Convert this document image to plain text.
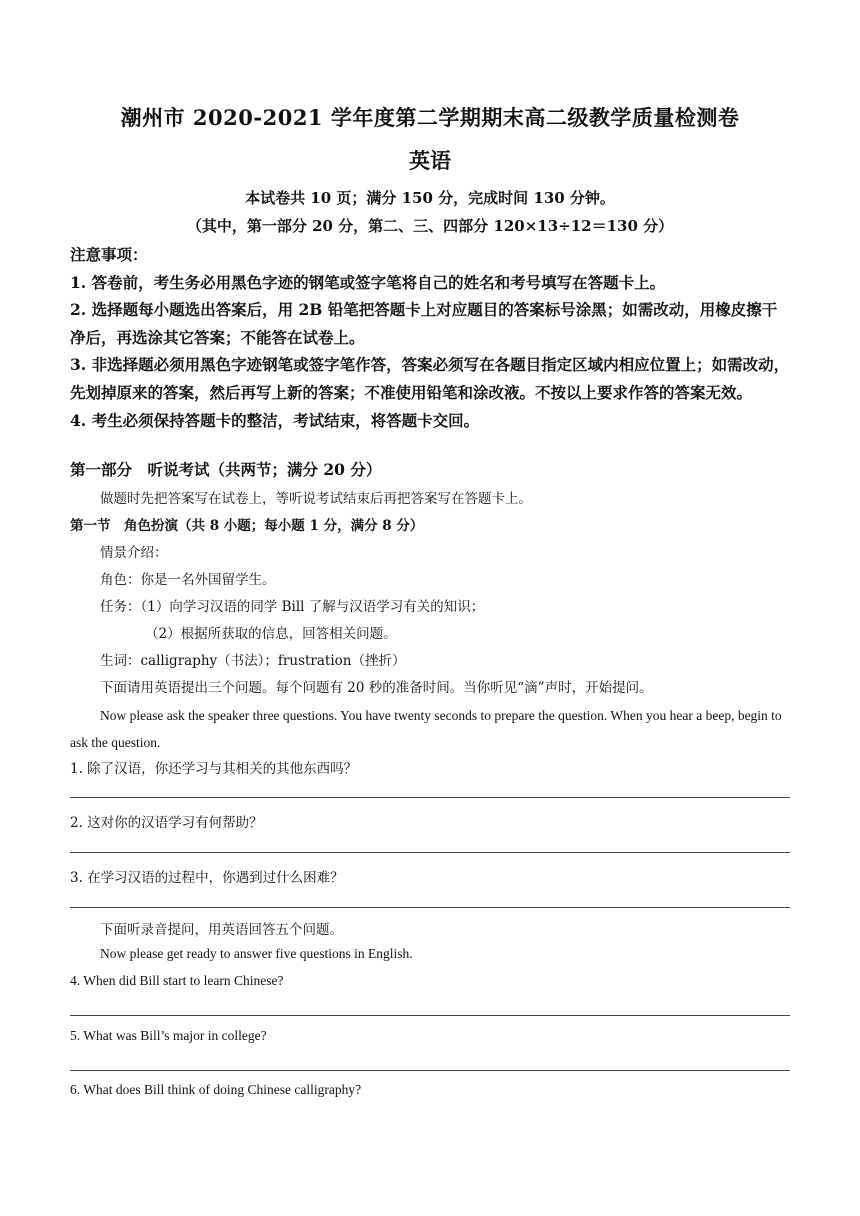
潮州市 2020-2021 学年度第二学期期末高二级教学质量检测卷
英语
本试卷共 10 页；满分 150 分，完成时间 130 分钟。
（其中，第一部分 20 分，第二、三、四部分 120×13÷12＝130 分）

注意事项：

1. 答卷前，考生务必用黑色字迹的钢笔或签字笔将自己的姓名和考号填写在答题卡上。

2. 选择题每小题选出答案后，用 2B 铅笔把答题卡上对应题目的答案标号涂黑；如需改动，用橡皮擦干净后，再选涂其它答案；不能答在试卷上。

3. 非选择题必须用黑色字迹钢笔或签字笔作答，答案必须写在各题目指定区域内相应位置上；如需改动，先划掉原来的答案，然后再写上新的答案；不准使用铅笔和涂改液。不按以上要求作答的答案无效。

4. 考生必须保持答题卡的整洁，考试结束，将答题卡交回。

第一部分　听说考试（共两节；满分 20 分）
做题时先把答案写在试卷上，等听说考试结束后再把答案写在答题卡上。
第一节　角色扮演（共 8 小题；每小题 1 分，满分 8 分）
情景介绍：
角色：你是一名外国留学生。
任务：（1）向学习汉语的同学 Bill 了解与汉语学习有关的知识；
（2）根据所获取的信息，回答相关问题。
生词：calligraphy（书法）；frustration（挫折）
下面请用英语提出三个问题。每个问题有 20 秒的准备时间。当你听见“滴”声时，开始提问。
Now please ask the speaker three questions. You have twenty seconds to prepare the question. When you hear a beep, begin to ask the question.
1. 除了汉语，你还学习与其相关的其他东西吗？
2. 这对你的汉语学习有何帮助？
3. 在学习汉语的过程中，你遇到过什么困难？
下面听录音提问，用英语回答五个问题。
Now please get ready to answer five questions in English.
4. When did Bill start to learn Chinese?
5. What was Bill’s major in college?
6. What does Bill think of doing Chinese calligraphy?
